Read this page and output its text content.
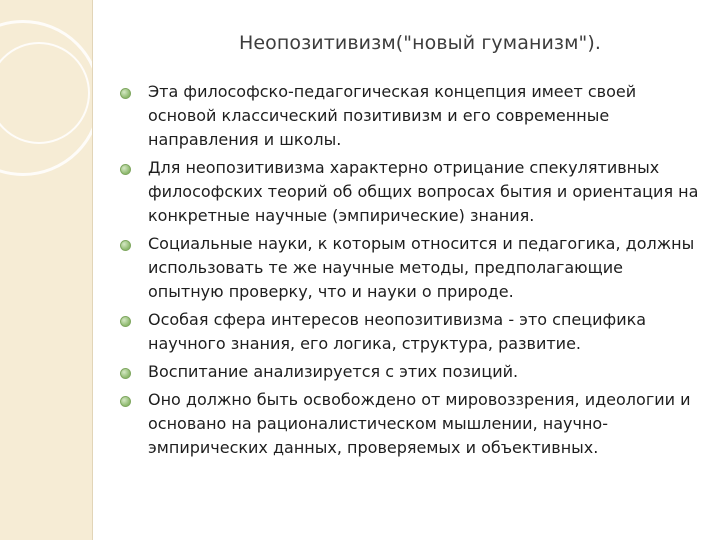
Неопозитивизм("новый гуманизм").
Эта философско-педагогическая концепция имеет своей основой классический позитивизм и его современные направления и школы.
Для неопозитивизма характерно отрицание спекулятивных философских теорий об общих вопросах бытия и ориентация на конкретные научные (эмпирические) знания.
Социальные науки, к которым относится и педагогика, должны использовать те же научные методы, предполагающие опытную проверку, что и науки о природе.
Особая сфера интересов неопозитивизма - это специфика научного знания, его логика, структура, развитие.
Воспитание анализируется с этих позиций.
Оно должно быть освобождено от мировоззрения, идеологии и основано на рационалистическом мышлении, научно-эмпирических данных, проверяемых и объективных.
